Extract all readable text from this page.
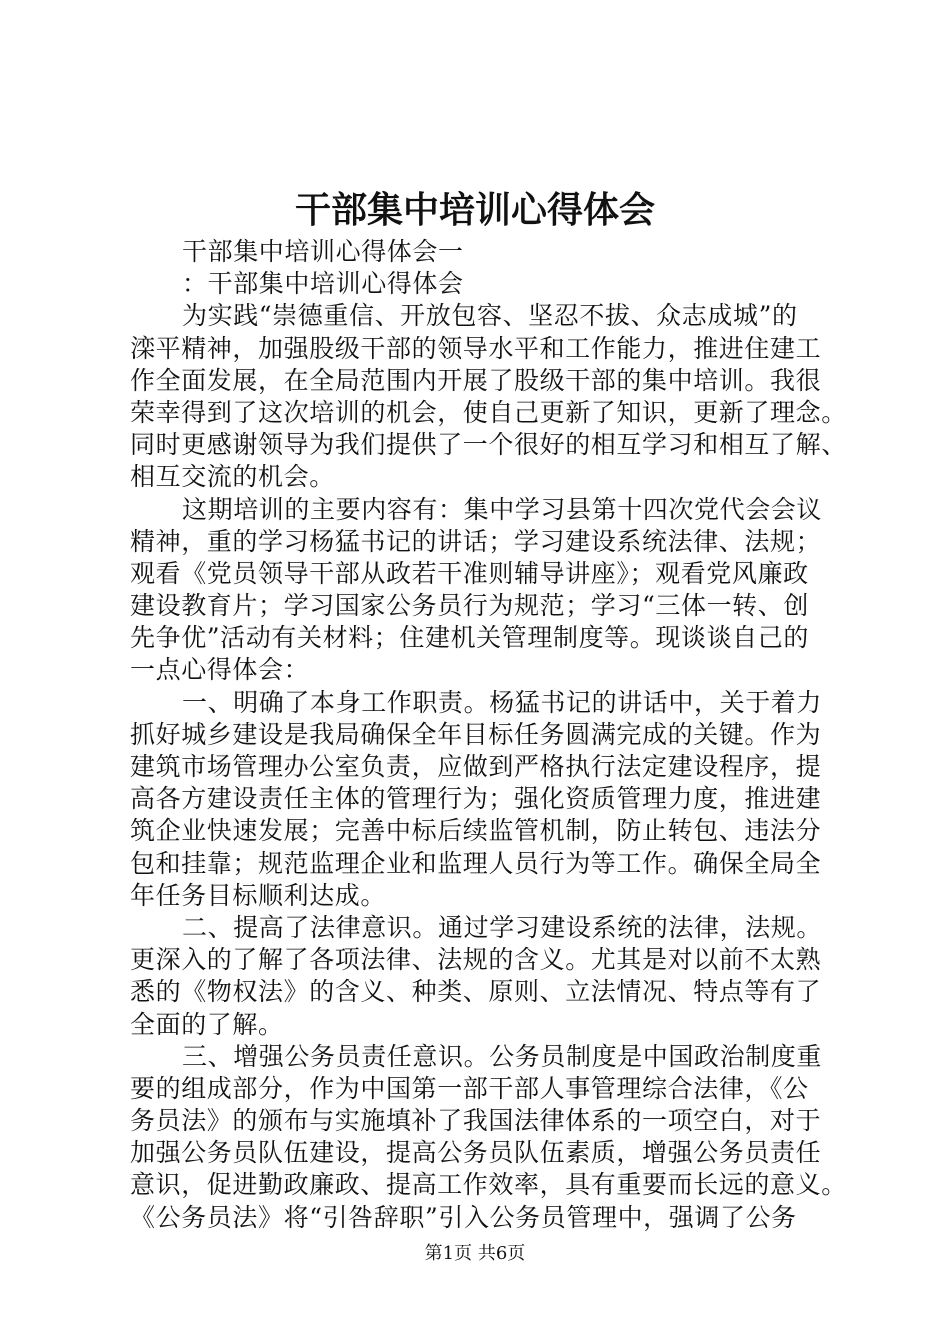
干部集中培训心得体会
干部集中培训心得体会一
：干部集中培训心得体会
为实践“崇德重信、开放包容、坚忍不拔、众志成城”的
滦平精神，加强股级干部的领导水平和工作能力，推进住建工
作全面发展，在全局范围内开展了股级干部的集中培训。我很
荣幸得到了这次培训的机会，使自己更新了知识，更新了理念。
同时更感谢领导为我们提供了一个很好的相互学习和相互了解、
相互交流的机会。
这期培训的主要内容有：集中学习县第十四次党代会会议
精神，重的学习杨猛书记的讲话；学习建设系统法律、法规；
观看《党员领导干部从政若干准则辅导讲座》；观看党风廉政
建设教育片；学习国家公务员行为规范；学习“三体一转、创
先争优”活动有关材料；住建机关管理制度等。现谈谈自己的
一点心得体会：
一、明确了本身工作职责。杨猛书记的讲话中，关于着力
抓好城乡建设是我局确保全年目标任务圆满完成的关键。作为
建筑市场管理办公室负责，应做到严格执行法定建设程序，提
高各方建设责任主体的管理行为；强化资质管理力度，推进建
筑企业快速发展；完善中标后续监管机制，防止转包、违法分
包和挂靠；规范监理企业和监理人员行为等工作。确保全局全
年任务目标顺利达成。
二、提高了法律意识。通过学习建设系统的法律，法规。
更深入的了解了各项法律、法规的含义。尤其是对以前不太熟
悉的《物权法》的含义、种类、原则、立法情况、特点等有了
全面的了解。
三、增强公务员责任意识。公务员制度是中国政治制度重
要的组成部分，作为中国第一部干部人事管理综合法律，《公
务员法》的颁布与实施填补了我国法律体系的一项空白，对于
加强公务员队伍建设，提高公务员队伍素质，增强公务员责任
意识，促进勤政廉政、提高工作效率，具有重要而长远的意义。
《公务员法》将“引咎辞职”引入公务员管理中，强调了公务
第1页 共6页
